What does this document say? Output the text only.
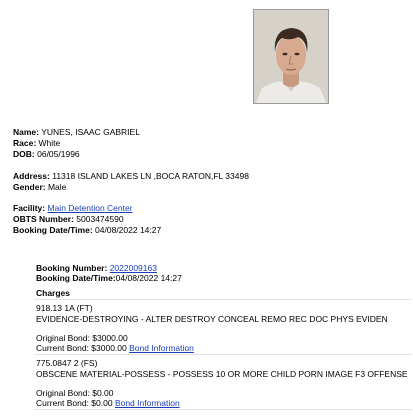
Name: YUNES, ISAAC GABRIEL
Race: White
DOB: 06/05/1996
Address: 11318 ISLAND LAKES LN ,BOCA RATON,FL 33498
Gender: Male
Facility: Main Detention Center
OBTS Number: 5003474590
Booking Date/Time: 04/08/2022 14:27
Booking Number: 2022009163
Booking Date/Time:04/08/2022 14:27
Charges
918.13 1A (FT)
EVIDENCE-DESTROYING - ALTER DESTROY CONCEAL REMO REC DOC PHYS EVIDEN
Original Bond: $3000.00
Current Bond: $3000.00 Bond Information
775.0847 2 (FS)
OBSCENE MATERIAL-POSSESS - POSSESS 10 OR MORE CHILD PORN IMAGE F3 OFFENSE
Original Bond: $0.00
Current Bond: $0.00 Bond Information
